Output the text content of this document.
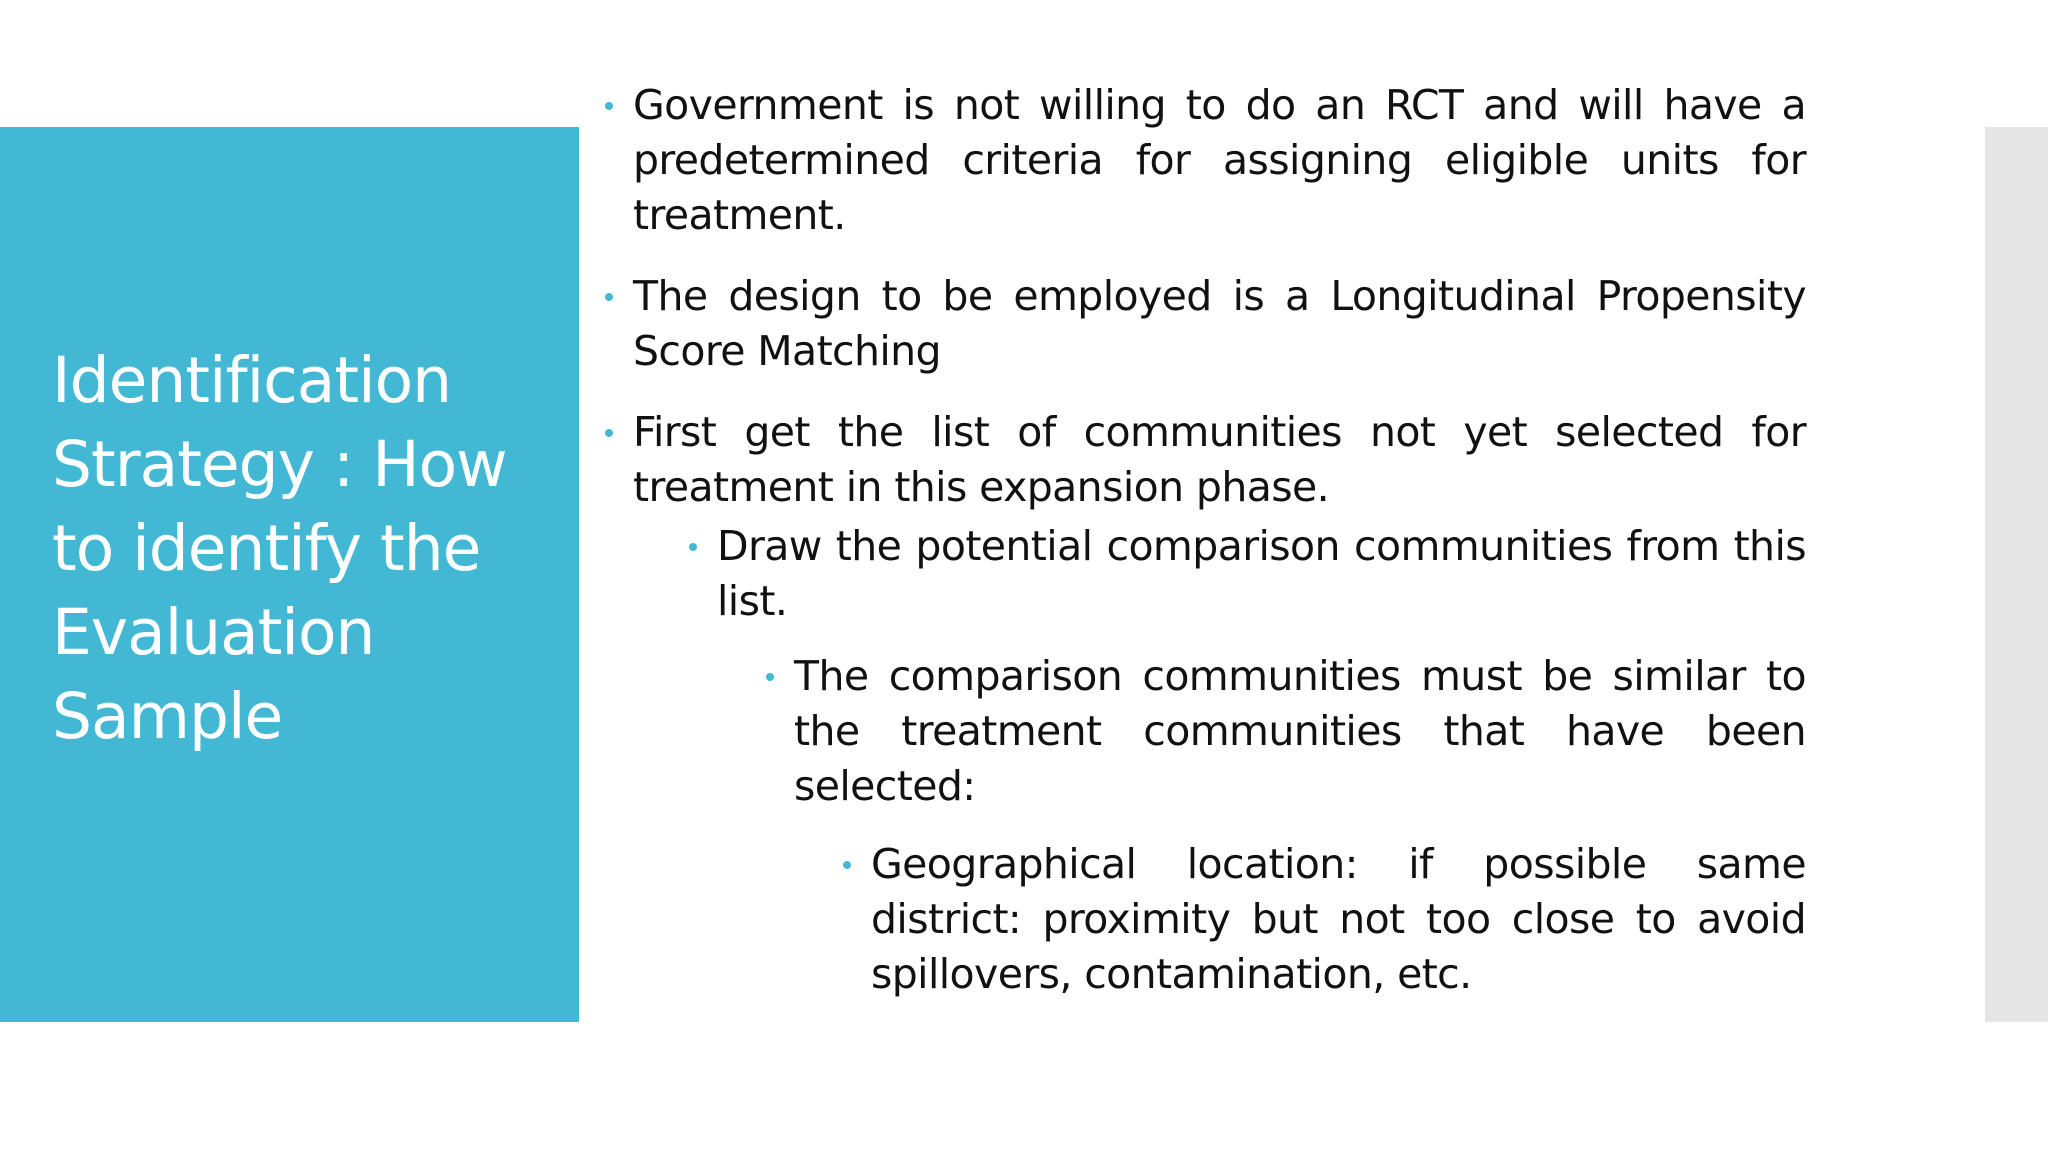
Identification Strategy : How to identify the Evaluation Sample
Government is not willing to do an RCT and will have a predetermined criteria for assigning eligible units for treatment.
The design to be employed is a Longitudinal Propensity Score Matching
First get the list of communities not yet selected for treatment in this expansion phase.
Draw the potential comparison communities from this list.
The comparison communities must be similar to the treatment communities that have been selected:
Geographical location: if possible same district: proximity but not too close to avoid spillovers, contamination, etc.
